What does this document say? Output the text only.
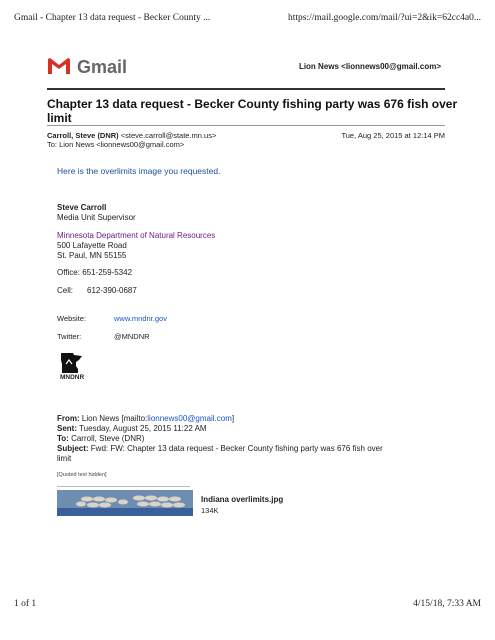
Gmail - Chapter 13 data request - Becker County ...	https://mail.google.com/mail/?ui=2&ik=62cc4a0...
Gmail	Lion News <lionnews00@gmail.com>
Chapter 13 data request - Becker County fishing party was 676 fish over
limit
Carroll, Steve (DNR) <steve.carroll@state.mn.us>	Tue, Aug 25, 2015 at 12:14 PM
To: Lion News <lionnews00@gmail.com>
Here is the overlimits image you requested.
Steve Carroll
Media Unit Supervisor
Minnesota Department of Natural Resources
500 Lafayette Road
St. Paul, MN 55155
Office: 651-259-5342
Cell: 612-390-0687
Website:	www.mndnr.gov
Twitter:	@MNDNR
MNDNR
From: Lion News [mailto:lionnews00@gmail.com]
Sent: Tuesday, August 25, 2015 11:22 AM
To: Carroll, Steve (DNR)
Subject: Fwd: FW: Chapter 13 data request - Becker County fishing party was 676 fish over
limit
[Quoted text hidden]
Indiana overlimits.jpg
134K
1 of 1	4/15/18, 7:33 AM
